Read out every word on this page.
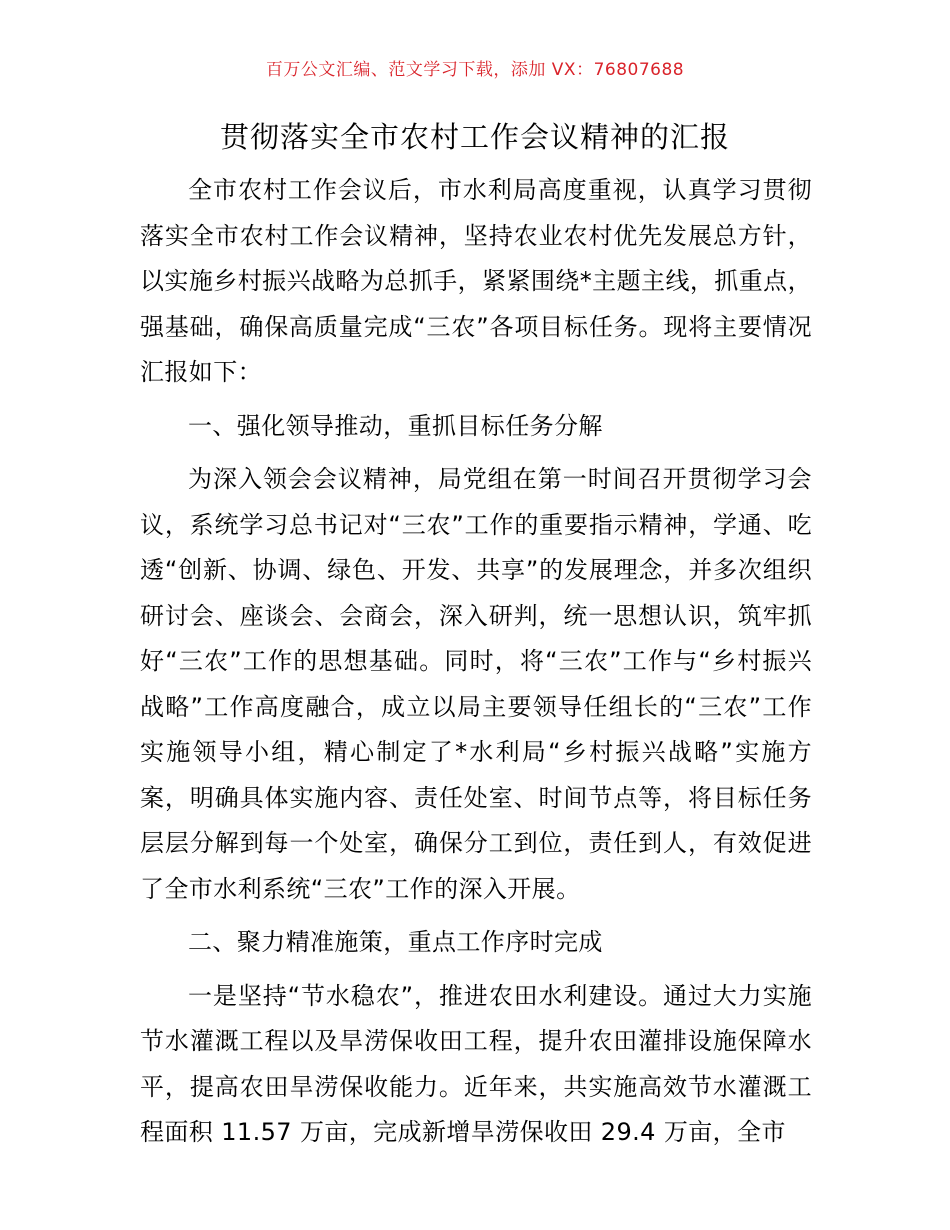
百万公文汇编、范文学习下载，添加 VX：76807688
贯彻落实全市农村工作会议精神的汇报

全市农村工作会议后，市水利局高度重视，认真学习贯彻落实全市农村工作会议精神，坚持农业农村优先发展总方针，以实施乡村振兴战略为总抓手，紧紧围绕*主题主线，抓重点，强基础，确保高质量完成“三农”各项目标任务。现将主要情况汇报如下：

一、强化领导推动，重抓目标任务分解

为深入领会会议精神，局党组在第一时间召开贯彻学习会议，系统学习总书记对“三农”工作的重要指示精神，学通、吃透“创新、协调、绿色、开发、共享”的发展理念，并多次组织研讨会、座谈会、会商会，深入研判，统一思想认识，筑牢抓好“三农”工作的思想基础。同时，将“三农”工作与“乡村振兴战略”工作高度融合，成立以局主要领导任组长的“三农”工作实施领导小组，精心制定了*水利局“乡村振兴战略”实施方案，明确具体实施内容、责任处室、时间节点等，将目标任务层层分解到每一个处室，确保分工到位，责任到人，有效促进了全市水利系统“三农”工作的深入开展。

二、聚力精准施策，重点工作序时完成

一是坚持“节水稳农”，推进农田水利建设。通过大力实施节水灌溉工程以及旱涝保收田工程，提升农田灌排设施保障水平，提高农田旱涝保收能力。近年来，共实施高效节水灌溉工程面积 11.57 万亩，完成新增旱涝保收田 29.4 万亩，全市
